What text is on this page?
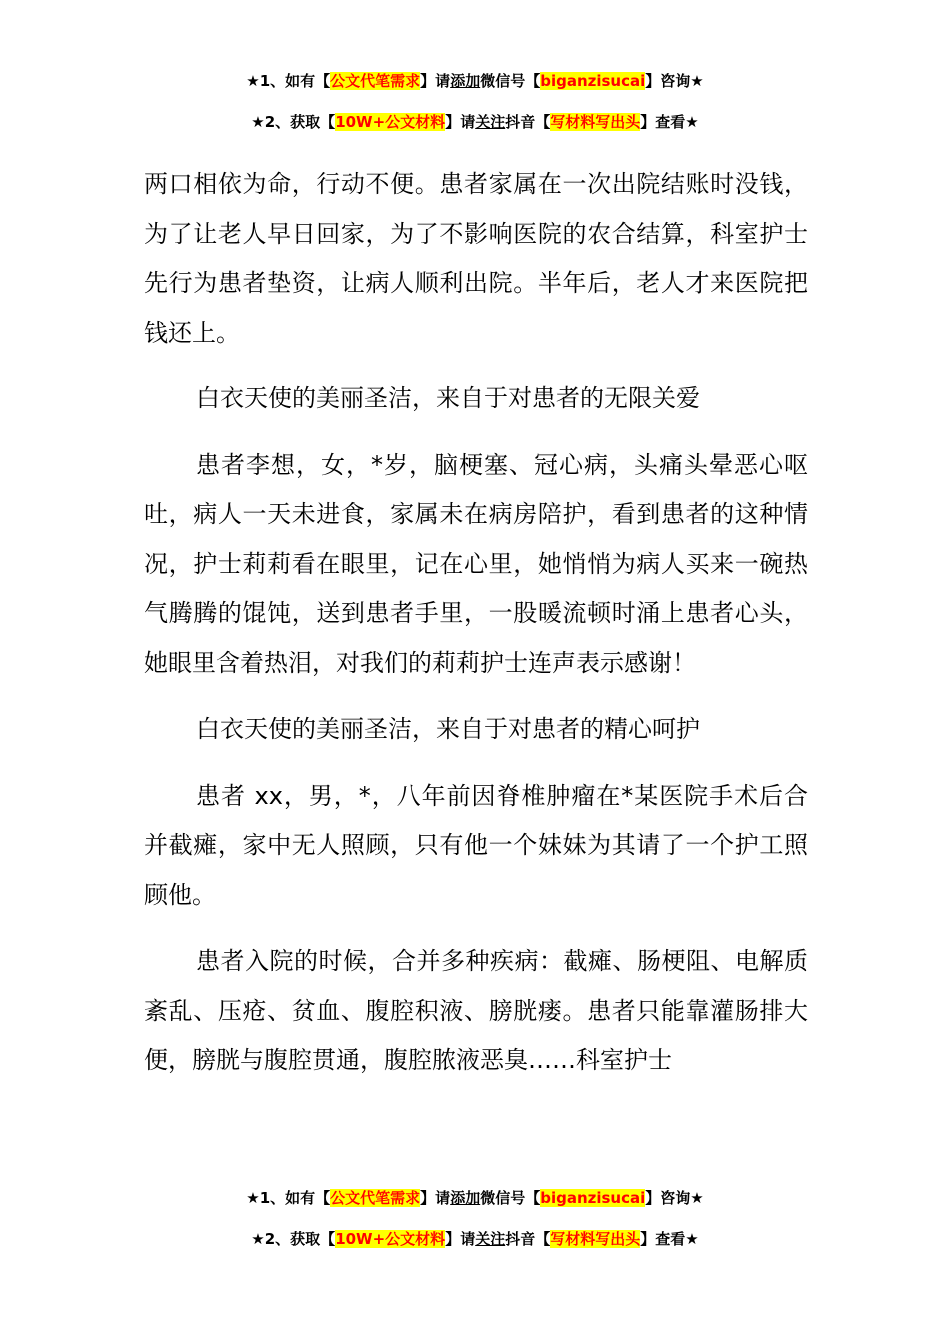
★1、如有【公文代笔需求】请添加微信号【biganzisucai】咨询★
★2、获取【10W+公文材料】请关注抖音【写材料写出头】查看★

两口相依为命，行动不便。患者家属在一次出院结账时没钱，为了让老人早日回家，为了不影响医院的农合结算，科室护士先行为患者垫资，让病人顺利出院。半年后，老人才来医院把钱还上。

白衣天使的美丽圣洁，来自于对患者的无限关爱

患者李想，女，*岁，脑梗塞、冠心病，头痛头晕恶心呕吐，病人一天未进食，家属未在病房陪护，看到患者的这种情况，护士莉莉看在眼里，记在心里，她悄悄为病人买来一碗热气腾腾的馄饨，送到患者手里，一股暖流顿时涌上患者心头，她眼里含着热泪，对我们的莉莉护士连声表示感谢！

白衣天使的美丽圣洁，来自于对患者的精心呵护

患者 xx，男，*，八年前因脊椎肿瘤在*某医院手术后合并截瘫，家中无人照顾，只有他一个妹妹为其请了一个护工照顾他。

患者入院的时候，合并多种疾病：截瘫、肠梗阻、电解质紊乱、压疮、贫血、腹腔积液、膀胱瘘。患者只能靠灌肠排大便，膀胱与腹腔贯通，腹腔脓液恶臭……科室护士

★1、如有【公文代笔需求】请添加微信号【biganzisucai】咨询★
★2、获取【10W+公文材料】请关注抖音【写材料写出头】查看★
